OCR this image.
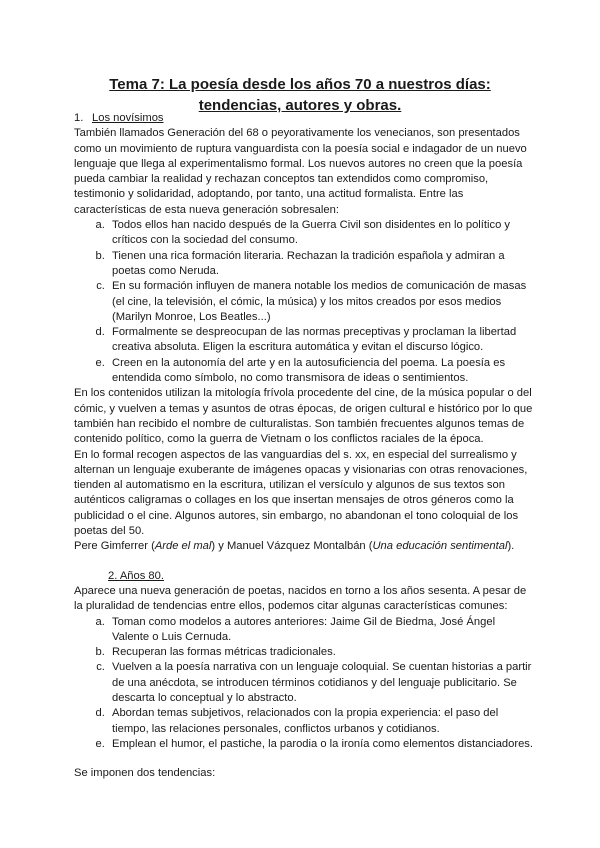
Tema 7: La poesía desde los años 70 a nuestros días:
tendencias, autores y obras.
1. Los novísimos

También llamados Generación del 68 o peyorativamente los venecianos, son presentados como un movimiento de ruptura vanguardista con la poesía social e indagador de un nuevo lenguaje que llega al experimentalismo formal. Los nuevos autores no creen que la poesía pueda cambiar la realidad y rechazan conceptos tan extendidos como compromiso, testimonio y solidaridad, adoptando, por tanto, una actitud formalista. Entre las características de esta nueva generación sobresalen:

a. Todos ellos han nacido después de la Guerra Civil son disidentes en lo político y críticos con la sociedad del consumo.
b. Tienen una rica formación literaria. Rechazan la tradición española y admiran a poetas como Neruda.
c. En su formación influyen de manera notable los medios de comunicación de masas (el cine, la televisión, el cómic, la música) y los mitos creados por esos medios (Marilyn Monroe, Los Beatles...)
d. Formalmente se despreocupan de las normas preceptivas y proclaman la libertad creativa absoluta. Eligen la escritura automática y evitan el discurso lógico.
e. Creen en la autonomía del arte y en la autosuficiencia del poema. La poesía es entendida como símbolo, no como transmisora de ideas o sentimientos.

En los contenidos utilizan la mitología frívola procedente del cine, de la música popular o del cómic, y vuelven a temas y asuntos de otras épocas, de origen cultural e histórico por lo que también han recibido el nombre de culturalistas. Son también frecuentes algunos temas de contenido político, como la guerra de Vietnam o los conflictos raciales de la época.

En lo formal recogen aspectos de las vanguardias del s. xx, en especial del surrealismo y alternan un lenguaje exuberante de imágenes opacas y visionarias con otras renovaciones, tienden al automatismo en la escritura, utilizan el versículo y algunos de sus textos son auténticos caligramas o collages en los que insertan mensajes de otros géneros como la publicidad o el cine. Algunos autores, sin embargo, no abandonan el tono coloquial de los poetas del 50.

Pere Gimferrer (Arde el mal) y Manuel Vázquez Montalbán (Una educación sentimental).

2. Años 80.

Aparece una nueva generación de poetas, nacidos en torno a los años sesenta. A pesar de la pluralidad de tendencias entre ellos, podemos citar algunas características comunes:

a. Toman como modelos a autores anteriores: Jaime Gil de Biedma, José Ángel Valente o Luis Cernuda.
b. Recuperan las formas métricas tradicionales.
c. Vuelven a la poesía narrativa con un lenguaje coloquial. Se cuentan historias a partir de una anécdota, se introducen términos cotidianos y del lenguaje publicitario. Se descarta lo conceptual y lo abstracto.
d. Abordan temas subjetivos, relacionados con la propia experiencia: el paso del tiempo, las relaciones personales, conflictos urbanos y cotidianos.
e. Emplean el humor, el pastiche, la parodia o la ironía como elementos distanciadores.

Se imponen dos tendencias:
